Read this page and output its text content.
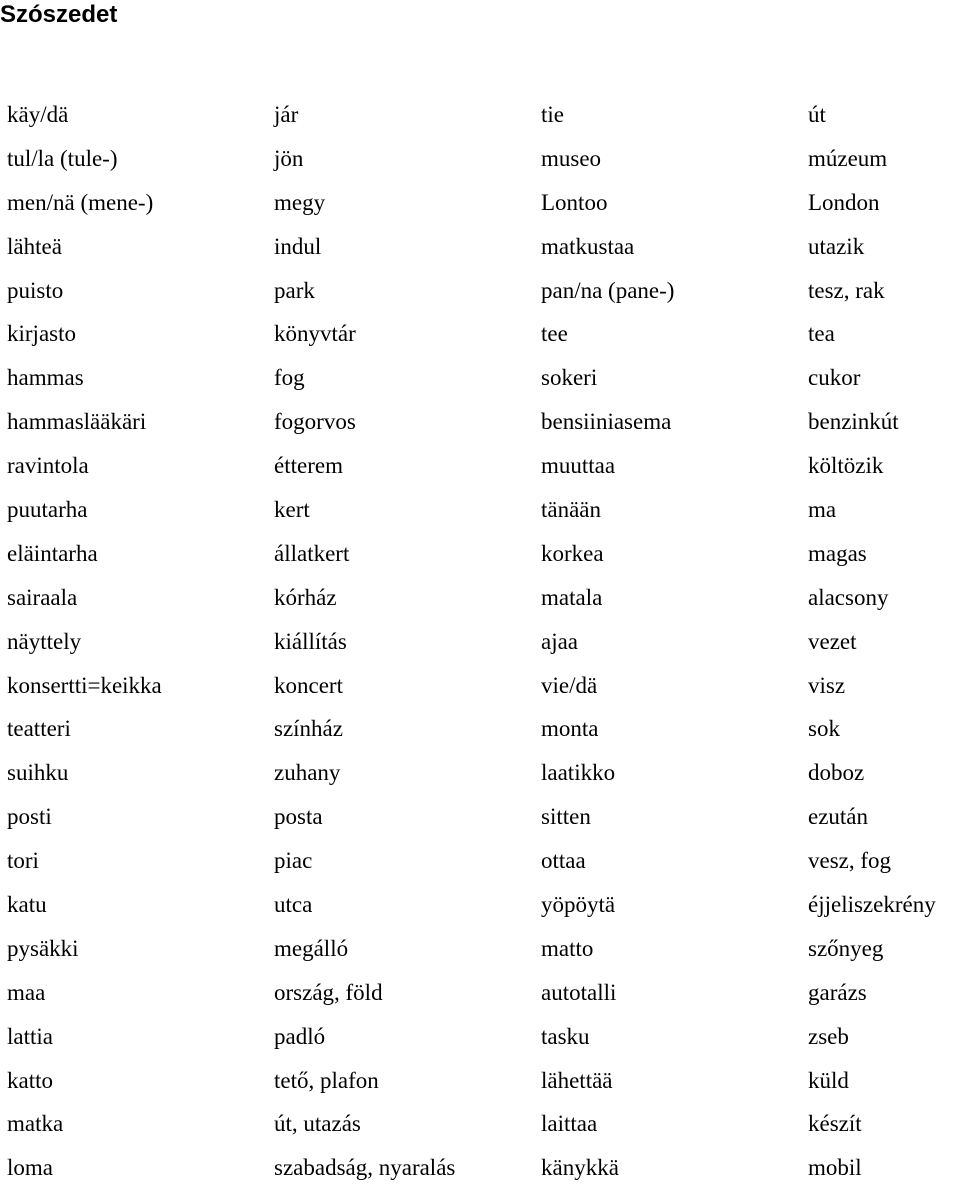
Szószedet
käy/dä	jár	tie	út
tul/la (tule-)	jön	museo	múzeum
men/nä (mene-)	megy	Lontoo	London
lähteä	indul	matkustaa	utazik
puisto	park	pan/na (pane-)	tesz, rak
kirjasto	könyvtár	tee	tea
hammas	fog	sokeri	cukor
hammaslääkäri	fogorvos	bensiiniasema	benzinkút
ravintola	étterem	muuttaa	költözik
puutarha	kert	tänään	ma
eläintarha	állatkert	korkea	magas
sairaala	kórház	matala	alacsony
näyttely	kiállítás	ajaa	vezet
konsertti=keikka	koncert	vie/dä	visz
teatteri	színház	monta	sok
suihku	zuhany	laatikko	doboz
posti	posta	sitten	ezután
tori	piac	ottaa	vesz, fog
katu	utca	yöpöytä	éjjeliszekrény
pysäkki	megálló	matto	szőnyeg
maa	ország, föld	autotalli	garázs
lattia	padló	tasku	zseb
katto	tető, plafon	lähettää	küld
matka	út, utazás	laittaa	készít
loma	szabadság, nyaralás	känykkä	mobil
